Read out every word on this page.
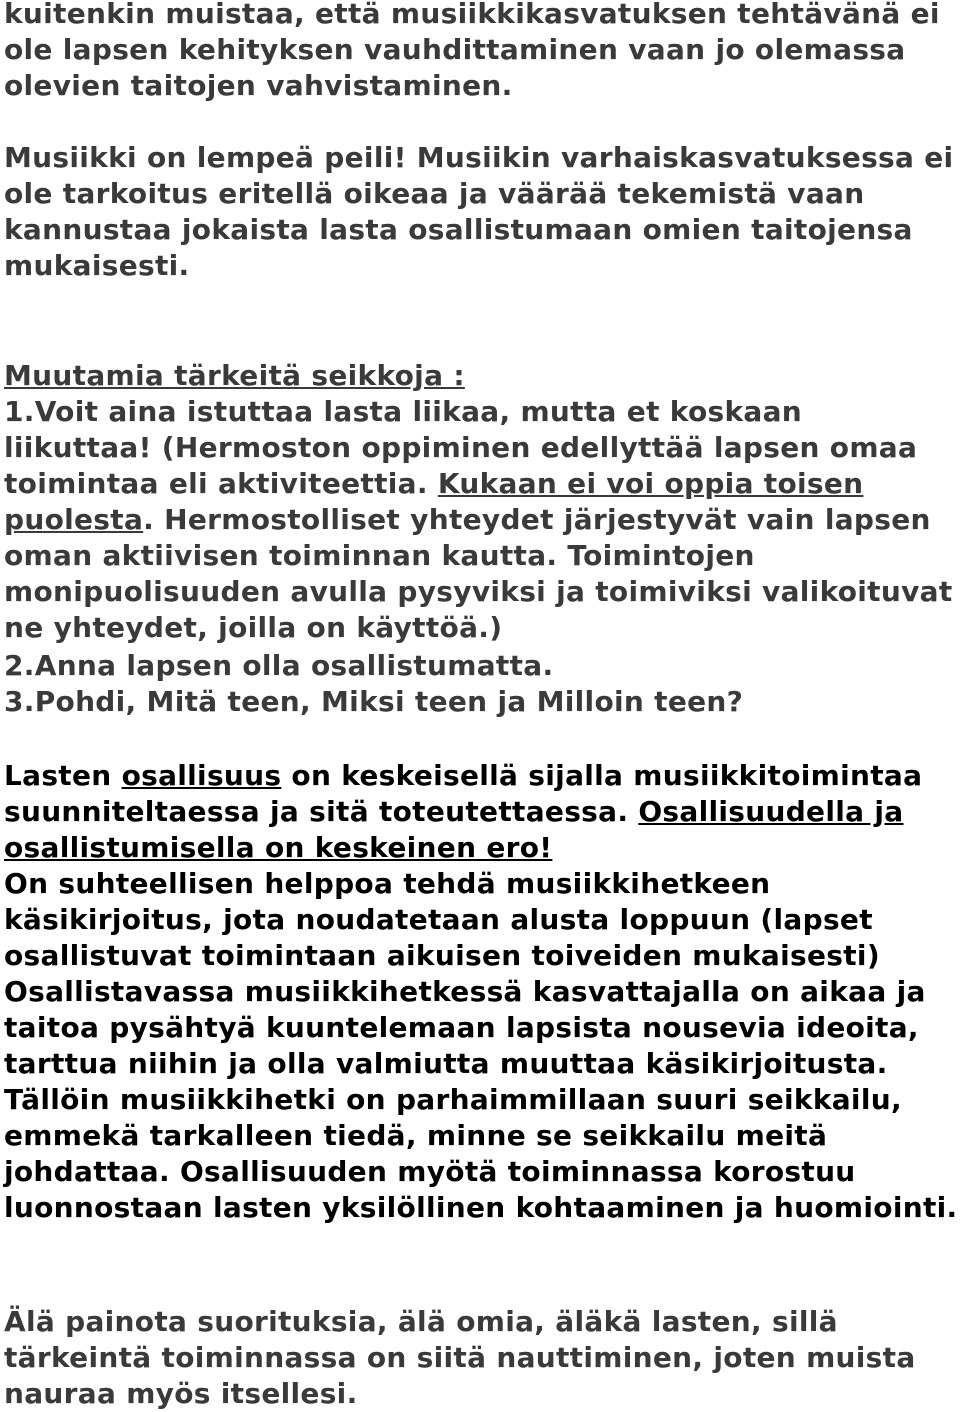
kuitenkin muistaa, että musiikkikasvatuksen tehtävänä ei ole lapsen kehityksen vauhdittaminen vaan jo olemassa olevien taitojen vahvistaminen.
Musiikki on lempeä peili! Musiikin varhaiskasvatuksessa ei ole tarkoitus eritellä oikeaa ja väärää tekemistä vaan kannustaa jokaista lasta osallistumaan omien taitojensa mukaisesti.
Muutamia tärkeitä seikkoja :
1.Voit aina istuttaa lasta liikaa, mutta et koskaan liikuttaa! (Hermoston oppiminen edellyttää lapsen omaa toimintaa eli aktiviteettia. Kukaan ei voi oppia toisen puolesta. Hermostolliset yhteydet järjestyvät vain lapsen oman aktiivisen toiminnan kautta. Toimintojen monipuolisuuden avulla pysyviksi ja toimiviksi valikoituvat ne yhteydet, joilla on käyttöä.)
2.Anna lapsen olla osallistumatta.
3.Pohdi, Mitä teen, Miksi teen ja Milloin teen?
Lasten osallisuus on keskeisellä sijalla musiikkitoimintaa suunniteltaessa ja sitä toteutettaessa. Osallisuudella ja osallistumisella on keskeinen ero!
On suhteellisen helppoa tehdä musiikkihetkeen käsikirjoitus, jota noudatetaan alusta loppuun (lapset osallistuvat toimintaan aikuisen toiveiden mukaisesti) Osallistavassa musiikkihetkessä kasvattajalla on aikaa ja taitoa pysähtyä kuuntelemaan lapsista nousevia ideoita, tarttua niihin ja olla valmiutta muuttaa käsikirjoitusta. Tällöin musiikkihetki on parhaimmillaan suuri seikkailu, emmekä tarkalleen tiedä, minne se seikkailu meitä johdattaa. Osallisuuden myötä toiminnassa korostuu luonnostaan lasten yksilöllinen kohtaaminen ja huomiointi.
Älä painota suorituksia, älä omia, äläkä lasten, sillä tärkeintä toiminnassa on siitä nauttiminen, joten muista nauraa myös itsellesi.
